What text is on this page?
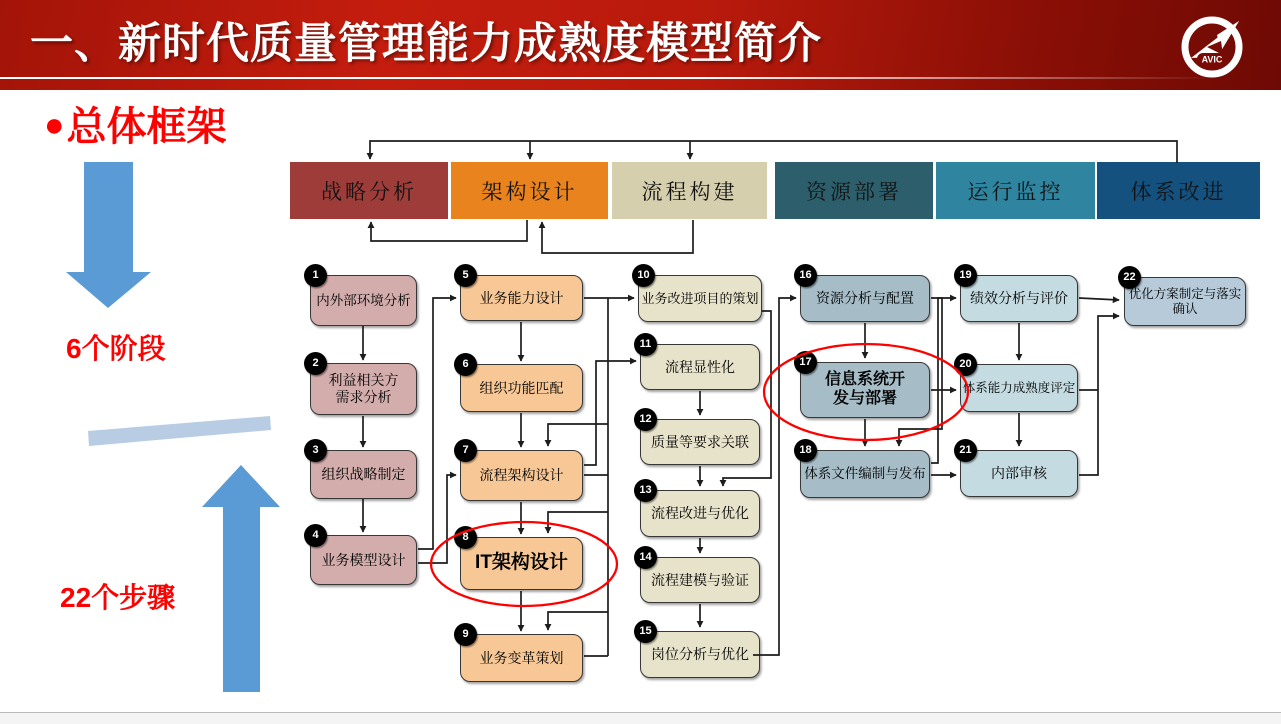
一、新时代质量管理能力成熟度模型简介	AVIC
●总体框架
6个阶段
22个步骤
战略分析	架构设计	流程构建	资源部署	运行监控	体系改进
1
内外部环境分析
2
利益相关方
需求分析
3
组织战略制定
4
业务模型设计
5
业务能力设计
6
组织功能匹配
7
流程架构设计
8
IT架构设计
9
业务变革策划
10
业务改进项目的策划
11
流程显性化
12
质量等要求关联
13
流程改进与优化
14
流程建模与验证
15
岗位分析与优化
16
资源分析与配置
17
信息系统开
发与部署
18
体系文件编制与发布
19
绩效分析与评价
20
体系能力成熟度评定
21
内部审核
22
优化方案制定与落实
确认
